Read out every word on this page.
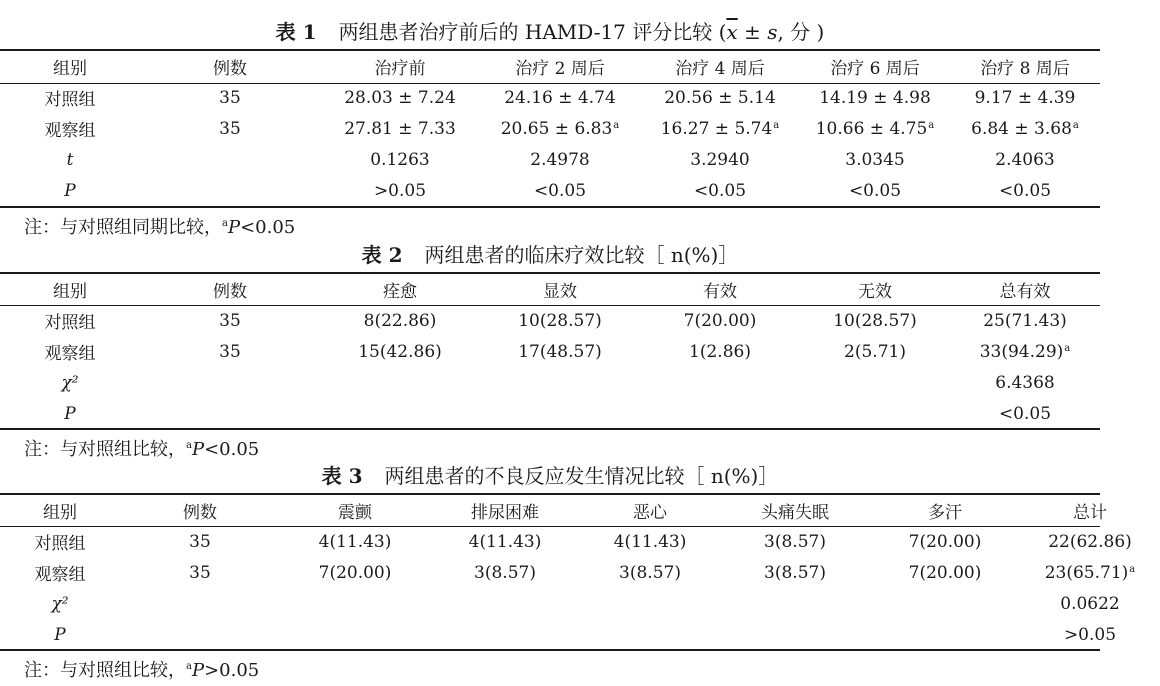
表 1 两组患者治疗前后的 HAMD-17 评分比较 ($\overline{x} \pm s$, 分 )
组别	例数	治疗前	治疗 2 周后	治疗 4 周后	治疗 6 周后	治疗 8 周后
对照组	35	28.03 ± 7.24	24.16 ± 4.74	20.56 ± 5.14	14.19 ± 4.98	9.17 ± 4.39
观察组	35	27.81 ± 7.33	20.65 ± 6.83$^a$	16.27 ± 5.74$^a$	10.66 ± 4.75$^a$	6.84 ± 3.68$^a$
t		0.1263	2.4978	3.2940	3.0345	2.4063
P		>0.05	<0.05	<0.05	<0.05	<0.05
注：与对照组同期比较，$^a$P<0.05
表 2 两组患者的临床疗效比较［ n(%)］
组别	例数	痊愈	显效	有效	无效	总有效
对照组	35	8(22.86)	10(28.57)	7(20.00)	10(28.57)	25(71.43)
观察组	35	15(42.86)	17(48.57)	1(2.86)	2(5.71)	$33(94.29)^a$
χ²						6.4368
P						<0.05
注：与对照组比较，$^a$P<0.05
表 3 两组患者的不良反应发生情况比较［ n(%)］
组别	例数	震颤	排尿困难	恶心	头痛失眠	多汗	总计
对照组	35	4(11.43)	4(11.43)	4(11.43)	3(8.57)	7(20.00)	22(62.86)
观察组	35	7(20.00)	3(8.57)	3(8.57)	3(8.57)	7(20.00)	$23(65.71)^a$
χ²							0.0622
P							>0.05
注：与对照组比较，$^a$P>0.05
